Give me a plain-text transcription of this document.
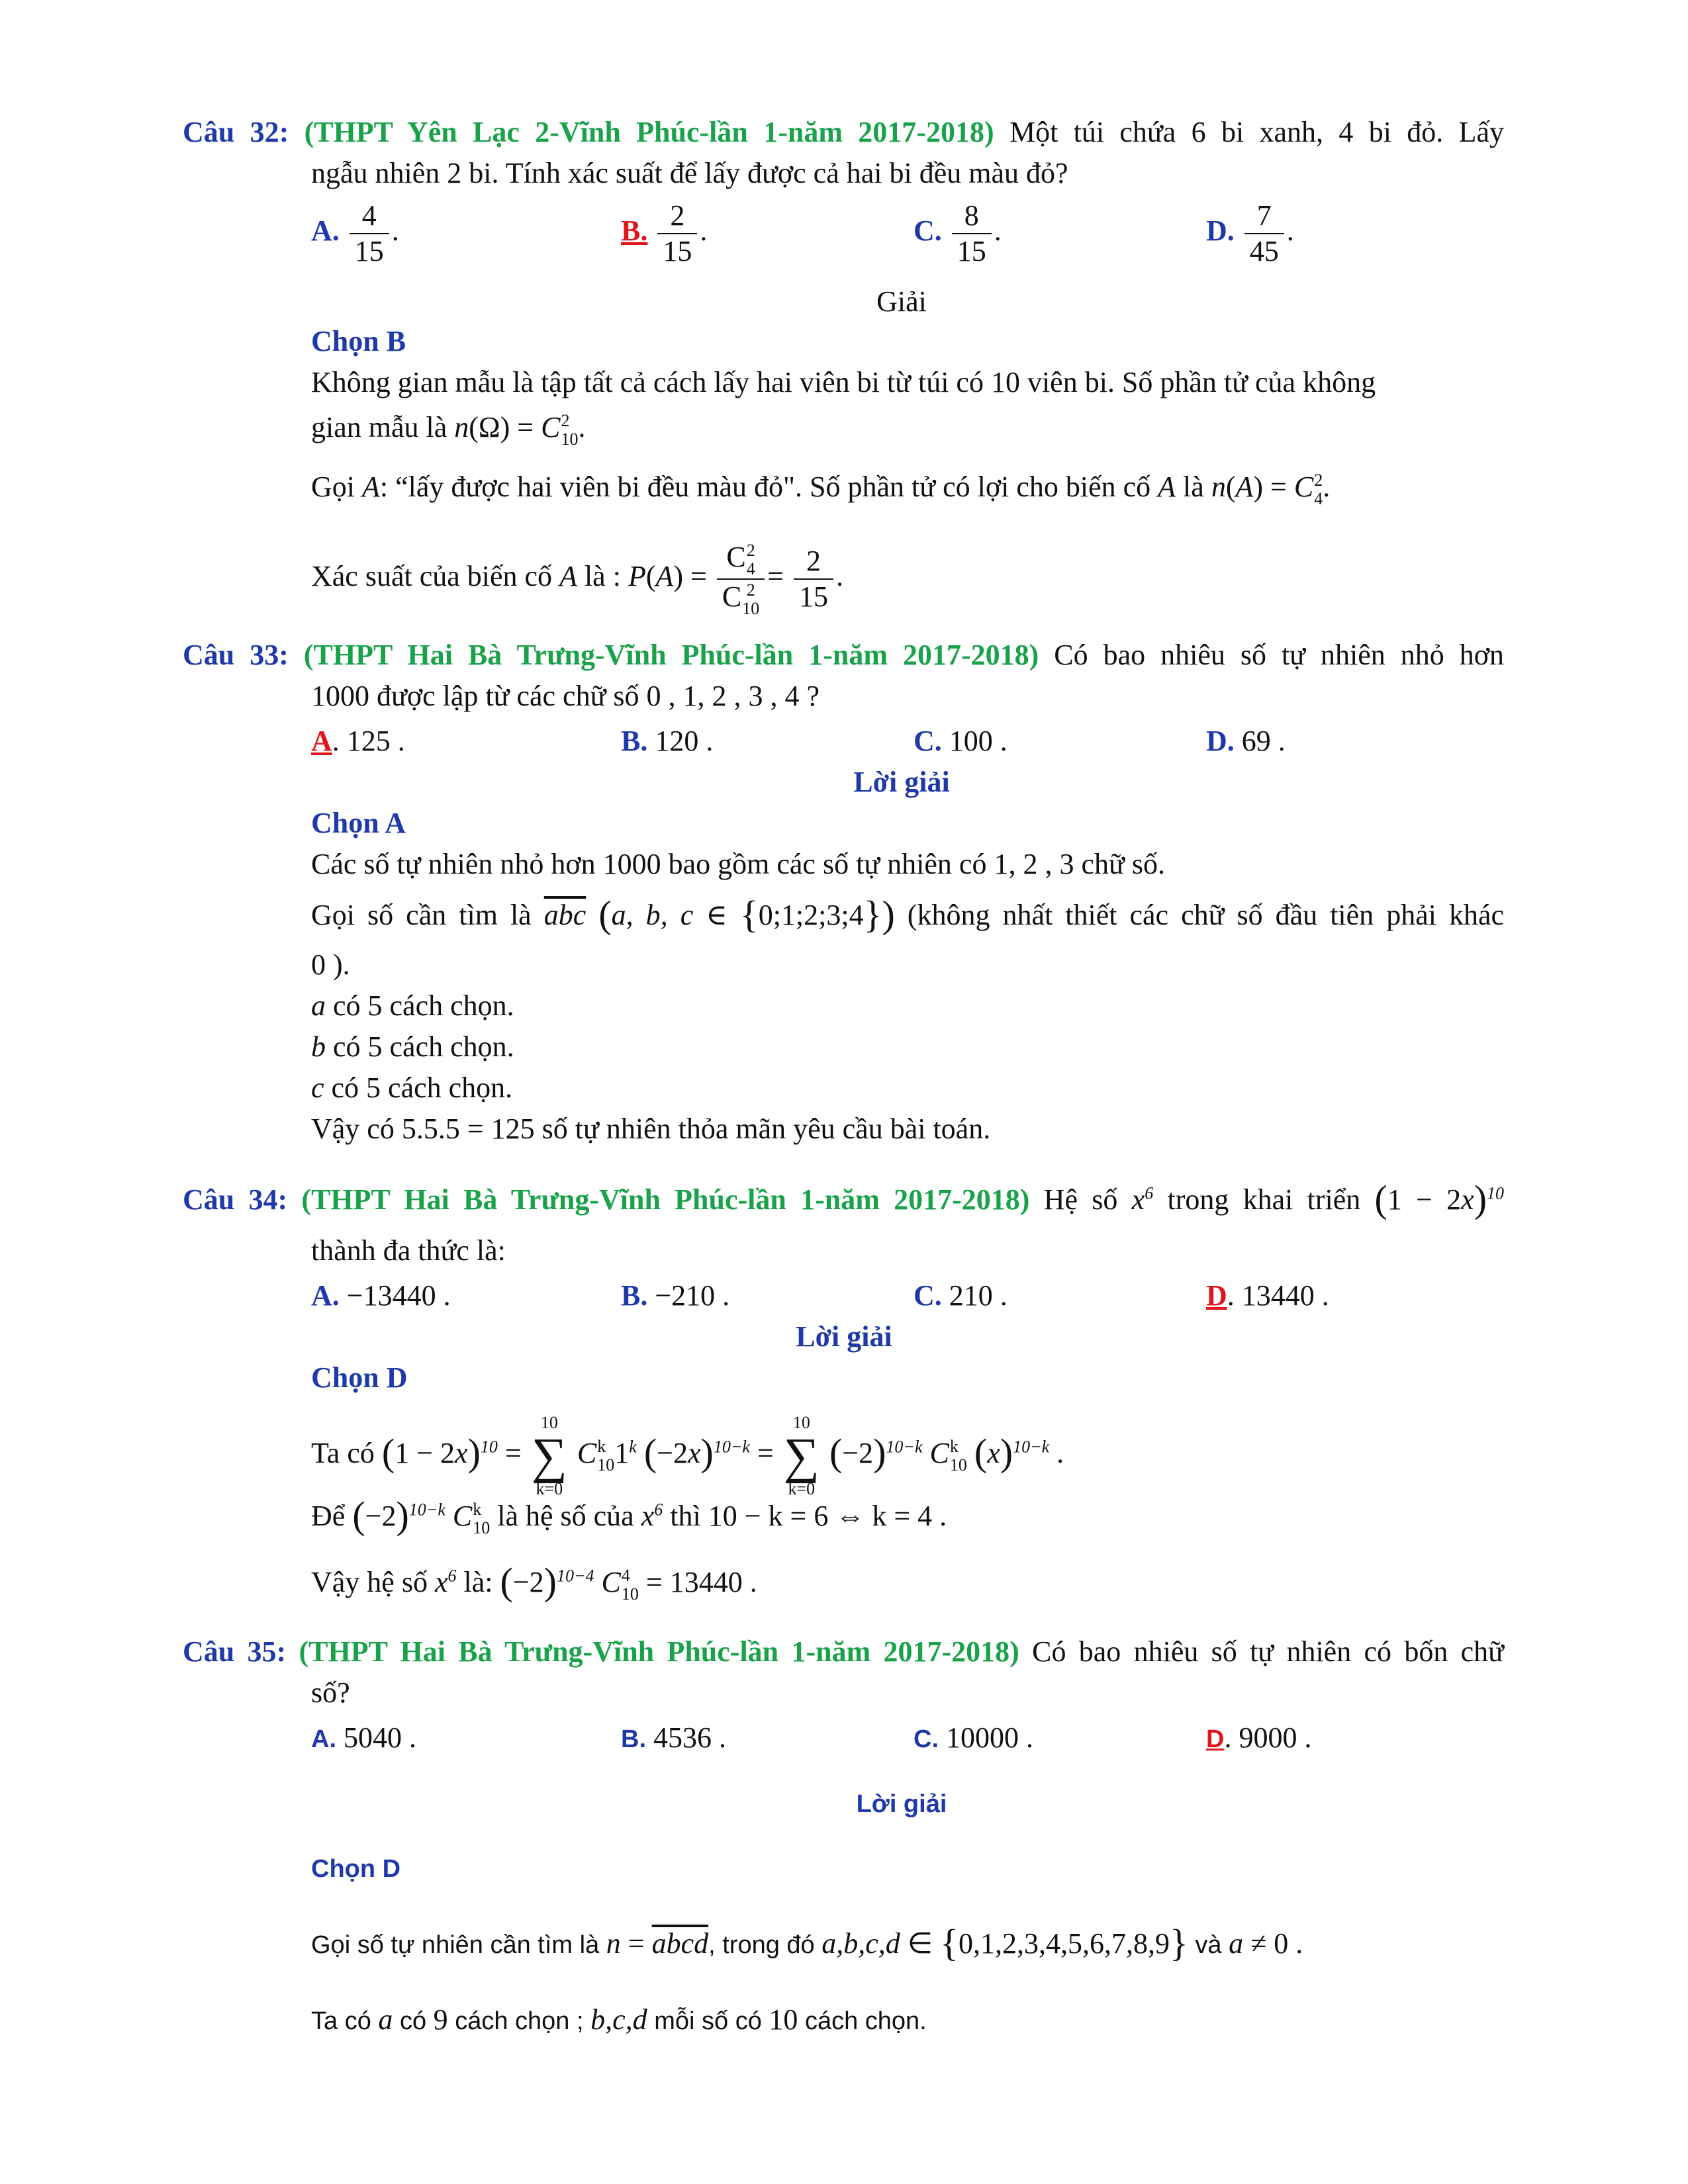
Câu 32: (THPT Yên Lạc 2-Vĩnh Phúc-lần 1-năm 2017-2018) Một túi chứa 6 bi xanh, 4 bi đỏ. Lấy
ngẫu nhiên 2 bi. Tính xác suất để lấy được cả hai bi đều màu đỏ?
A. $\frac{4}{15}$ .	B. $\frac{2}{15}$ .	C. $\frac{8}{15}$ .	D. $\frac{7}{45}$ .
Giải
Chọn B
Không gian mẫu là tập tất cả cách lấy hai viên bi từ túi có 10 viên bi. Số phần tử của không
gian mẫu là n(Ω) = C 2
10 .
Gọi A: “lấy được hai viên bi đều màu đỏ". Số phần tử có lợi cho biến cố A là n(A) = C 2
4 .
Xác suất của biến cố A là : P(A) = C 2
4
C 2
$10 = \frac{2}{15}$ .
Câu 33: (THPT Hai Bà Trưng-Vĩnh Phúc-lần 1-năm 2017-2018) Có bao nhiêu số tự nhiên nhỏ hơn
1000 được lập từ các chữ số 0 , 1, 2 , 3 , 4 ?
A. 125 .	B. 120 .	C. 100 .	D. 69 .
Lời giải
Chọn A
Các số tự nhiên nhỏ hơn 1000 bao gồm các số tự nhiên có 1, 2 , 3 chữ số.
Gọi số cần tìm là $\overline{abc}$ (a, b, c ∈ {0;1;2;3;4}) (không nhất thiết các chữ số đầu tiên phải khác
0 ).
a có 5 cách chọn.
b có 5 cách chọn.
c có 5 cách chọn.
Vậy có 5.5.5 = 125 số tự nhiên thỏa mãn yêu cầu bài toán.
Câu 34: (THPT Hai Bà Trưng-Vĩnh Phúc-lần 1-năm 2017-2018) Hệ số $x^6$ trong khai triển $(1 - 2x)^{10}$
thành đa thức là:
A. −13440 .	B. −210 .	C. 210 .	D. 13440 .
Lời giải
Chọn D
Ta có $(1 - 2x)^{10}$ =
10
∑
k=0
C k
10 1$^k$ $(-2x)^{10-k}$ =
10
∑
k=0
$(-2)^{10-k}$ C k
10 $(x)^{10-k}$ .
Để $(-2)^{10-k}$ C k
10 là hệ số của $x^6$ thì 10 − k = 6 ⇔ k = 4 .
Vậy hệ số $x^6$ là: $(-2)^{10-4}$ C 4
10 = 13440 .
Câu 35: (THPT Hai Bà Trưng-Vĩnh Phúc-lần 1-năm 2017-2018) Có bao nhiêu số tự nhiên có bốn chữ
số?
A. 5040 .	B. 4536 .	C. 10000 .	D. 9000 .
Lời giải
Chọn D
Gọi số tự nhiên cần tìm là n = abcd, trong đó a,b,c,d ∈ {0,1,2,3,4,5,6,7,8,9} và a ≠ 0 .
Ta có a có 9 cách chọn ; b,c,d mỗi số có 10 cách chọn.
